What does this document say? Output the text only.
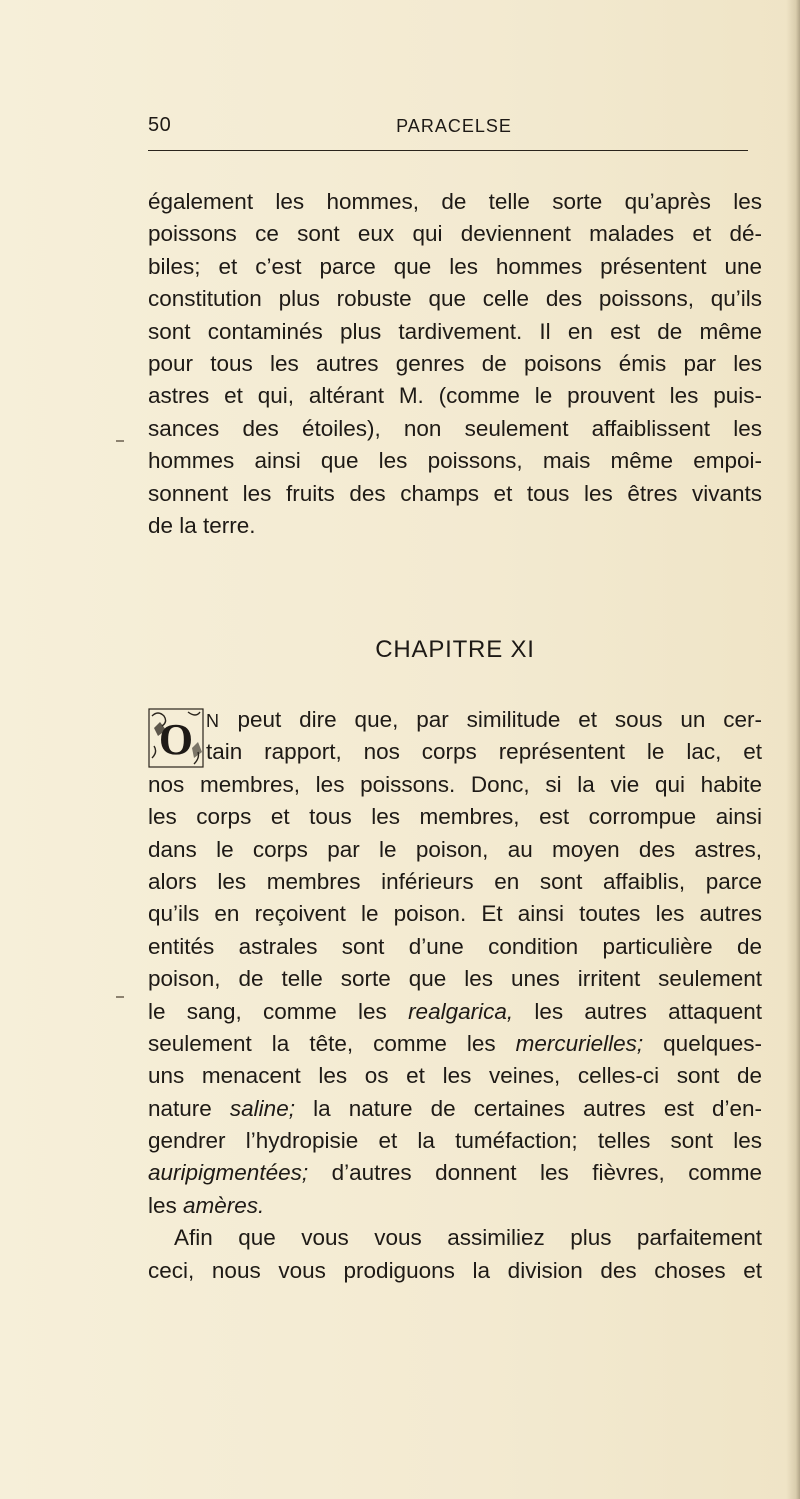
50	PARACELSE
également les hommes, de telle sorte qu’après les
poissons ce sont eux qui deviennent malades et dé-
biles; et c’est parce que les hommes présentent une
constitution plus robuste que celle des poissons, qu’ils
sont contaminés plus tardivement. Il en est de même
pour tous les autres genres de poisons émis par les
astres et qui, altérant M. (comme le prouvent les puis-
sances des étoiles), non seulement affaiblissent les
hommes ainsi que les poissons, mais même empoi-
sonnent les fruits des champs et tous les êtres vivants
de la terre.
CHAPITRE XI
O N peut dire que, par similitude et sous un cer-
tain rapport, nos corps représentent le lac, et
nos membres, les poissons. Donc, si la vie qui habite
les corps et tous les membres, est corrompue ainsi
dans le corps par le poison, au moyen des astres,
alors les membres inférieurs en sont affaiblis, parce
qu’ils en reçoivent le poison. Et ainsi toutes les autres
entités astrales sont d’une condition particulière de
poison, de telle sorte que les unes irritent seulement
le sang, comme les realgarica, les autres attaquent
seulement la tête, comme les mercurielles; quelques-
uns menacent les os et les veines, celles-ci sont de
nature saline; la nature de certaines autres est d’en-
gendrer l’hydropisie et la tuméfaction; telles sont les
auripigmentées; d’autres donnent les fièvres, comme
les amères.
Afin que vous vous assimiliez plus parfaitement
ceci, nous vous prodiguons la division des choses et
